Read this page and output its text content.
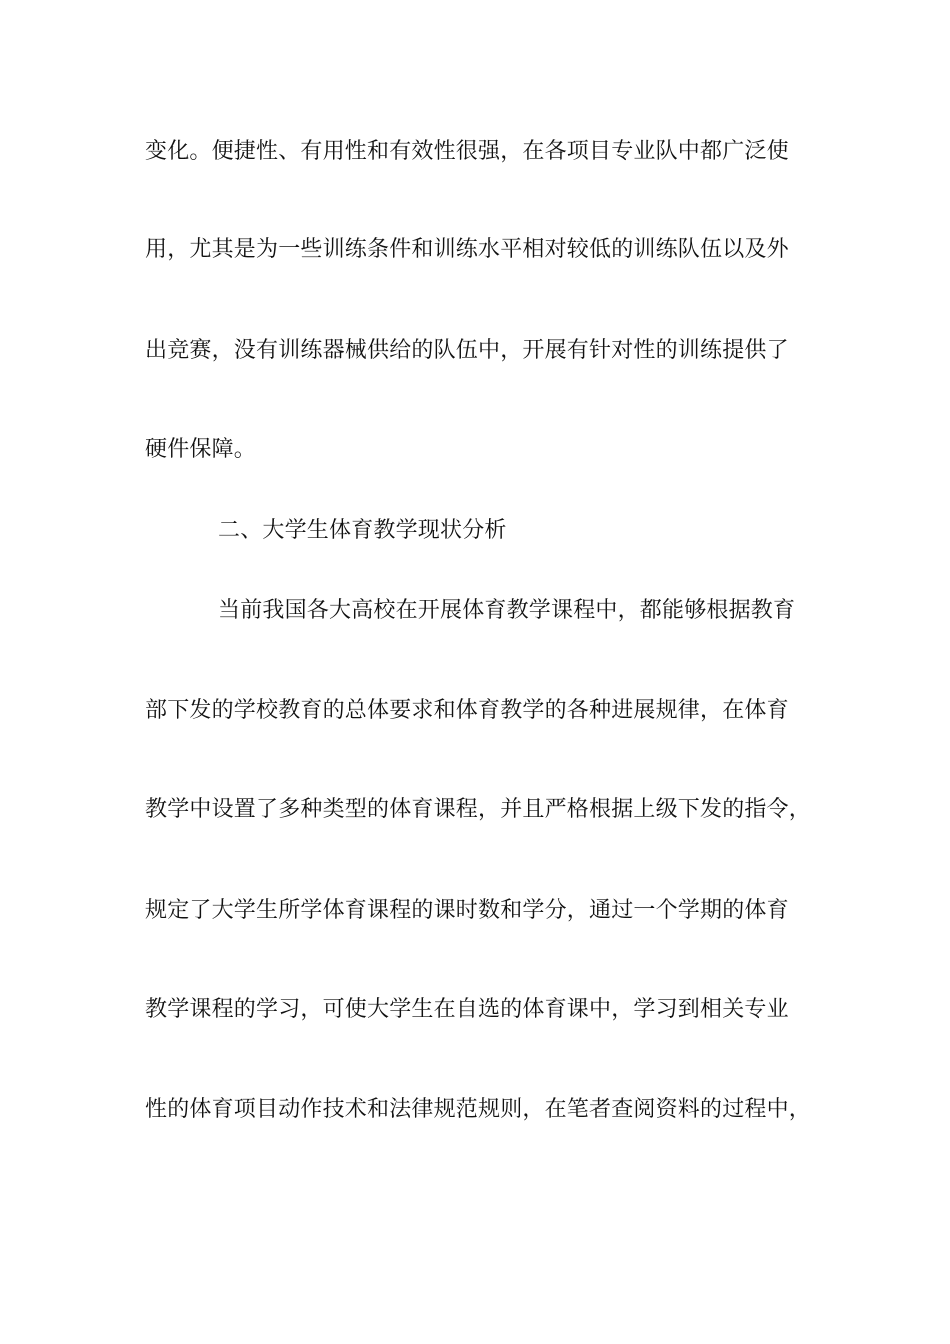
变化。便捷性、有用性和有效性很强，在各项目专业队中都广泛使
用，尤其是为一些训练条件和训练水平相对较低的训练队伍以及外
出竞赛，没有训练器械供给的队伍中，开展有针对性的训练提供了
硬件保障。
二、大学生体育教学现状分析
当前我国各大高校在开展体育教学课程中，都能够根据教育
部下发的学校教育的总体要求和体育教学的各种进展规律，在体育
教学中设置了多种类型的体育课程，并且严格根据上级下发的指令，
规定了大学生所学体育课程的课时数和学分，通过一个学期的体育
教学课程的学习，可使大学生在自选的体育课中，学习到相关专业
性的体育项目动作技术和法律规范规则，在笔者查阅资料的过程中，
